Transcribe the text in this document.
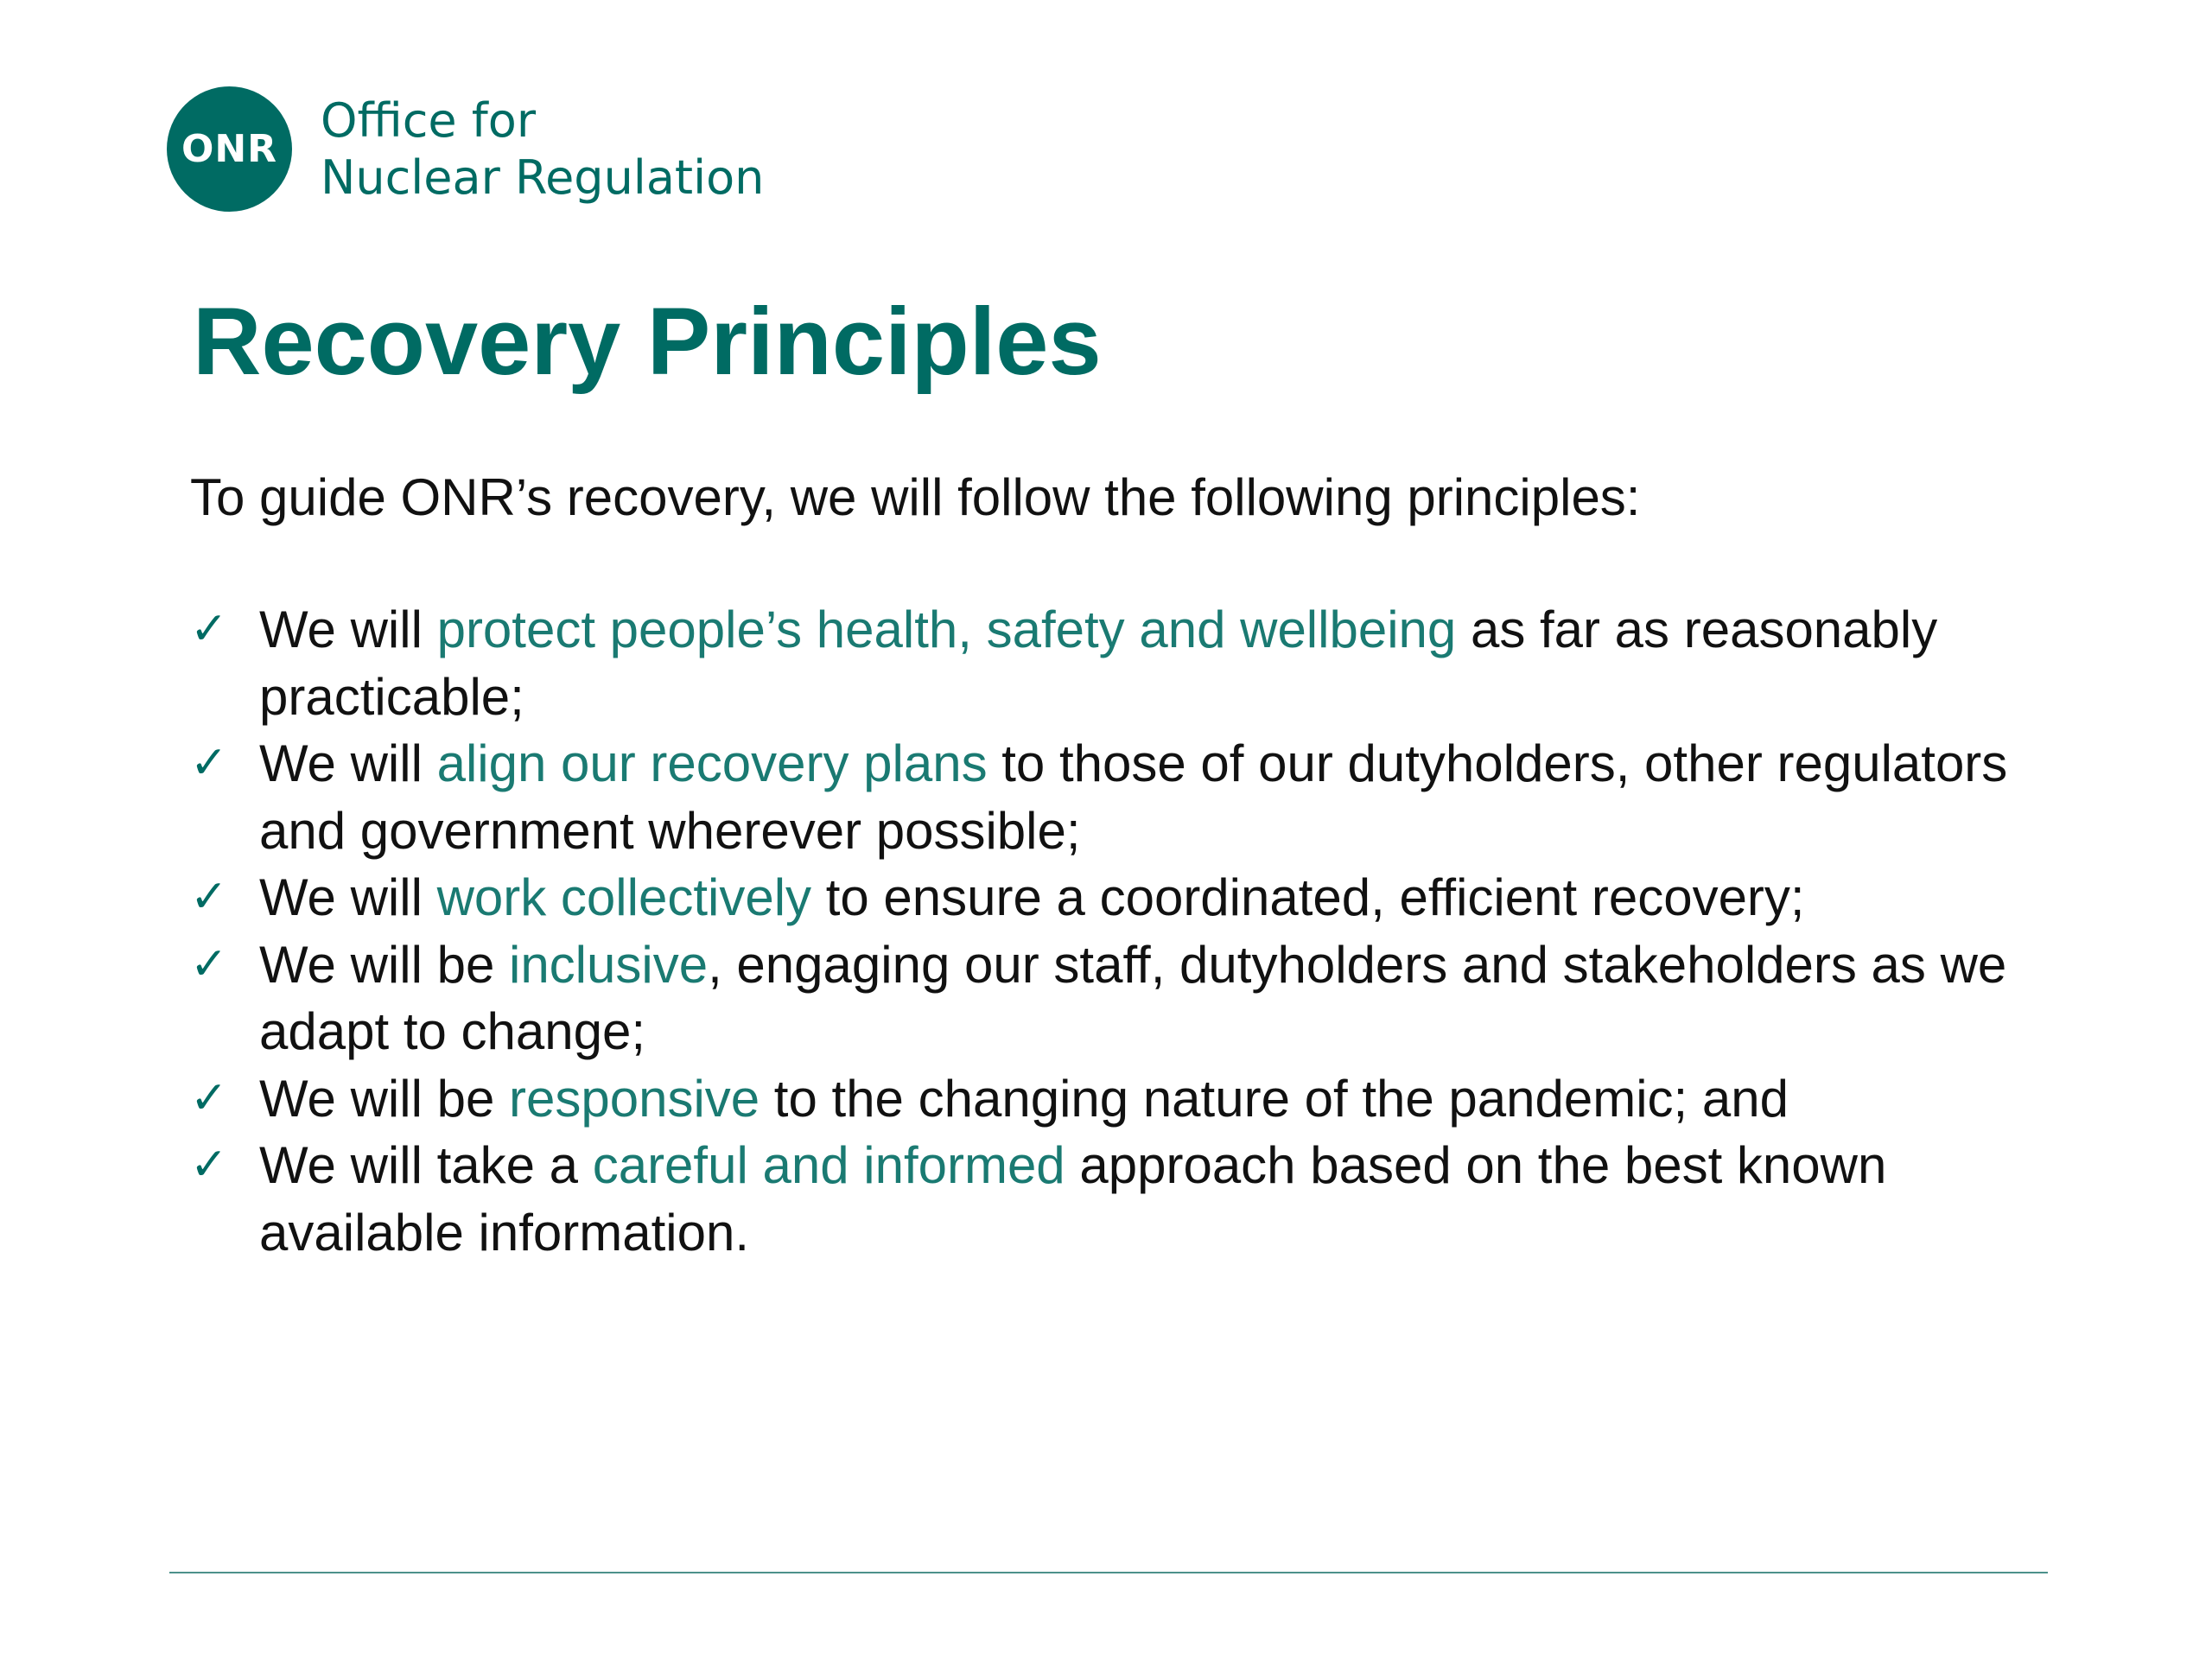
ONR
Office for
Nuclear Regulation
Recovery Principles
To guide ONR’s recovery, we will follow the following principles:
✓ We will protect people’s health, safety and wellbeing as far as reasonably practicable;
✓ We will align our recovery plans to those of our dutyholders, other regulators and government wherever possible;
✓ We will work collectively to ensure a coordinated, efficient recovery;
✓ We will be inclusive, engaging our staff, dutyholders and stakeholders as we adapt to change;
✓ We will be responsive to the changing nature of the pandemic; and
✓ We will take a careful and informed approach based on the best known available information.
